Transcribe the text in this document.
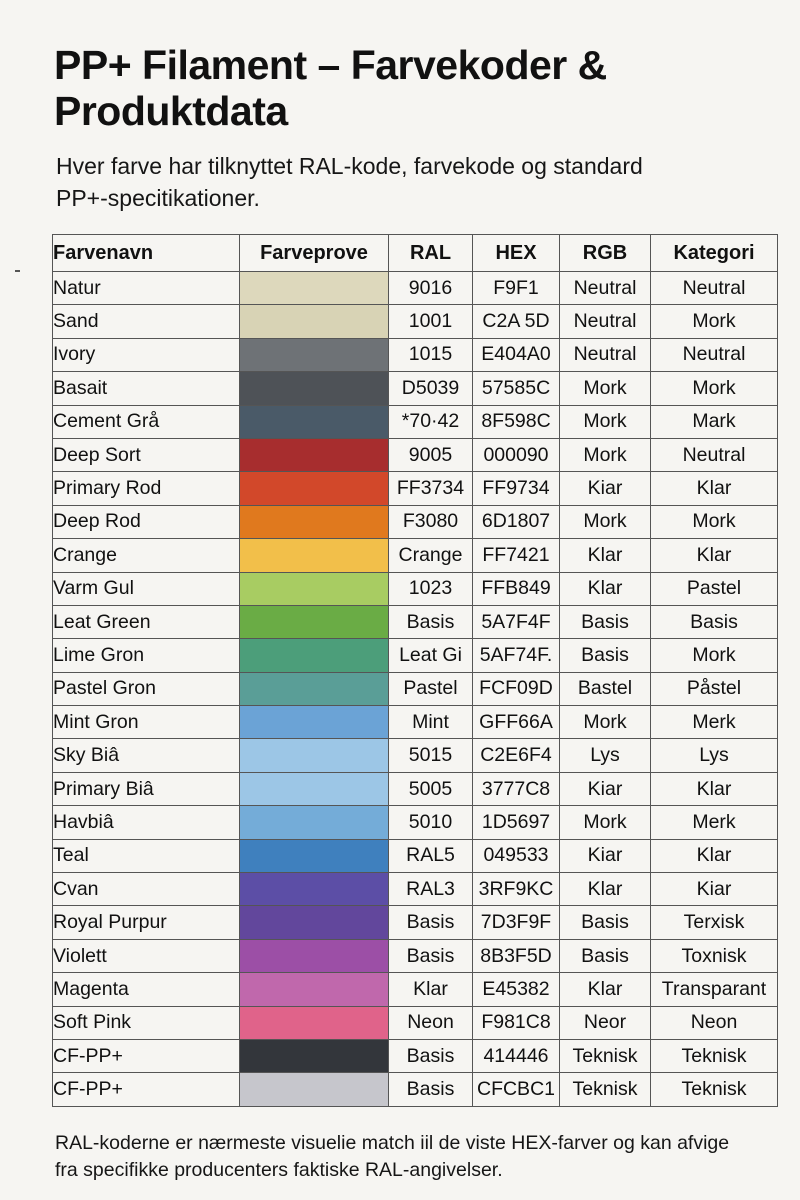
PP+ Filament – Farvekoder & Produktdata

Hver farve har tilknyttet RAL-kode, farvekode og standard PP+-specitikationer.

Farvenavn	Farveprove	RAL	HEX	RGB	Kategori
Natur		9016	F9F1	Neutral	Neutral
Sand		1001	C2A 5D	Neutral	Mork
Ivory		1015	E404A0	Neutral	Neutral
Basait		D5039	57585C	Mork	Mork
Cement Grå		*70·42	8F598C	Mork	Mark
Deep Sort		9005	000090	Mork	Neutral
Primary Rod		FF3734	FF9734	Kiar	Klar
Deep Rod		F3080	6D1807	Mork	Mork
Crange		Crange	FF7421	Klar	Klar
Varm Gul		1023	FFB849	Klar	Pastel
Leat Green		Basis	5A7F4F	Basis	Basis
Lime Gron		Leat Gi	5AF74F.	Basis	Mork
Pastel Gron		Pastel	FCF09D	Bastel	Påstel
Mint Gron		Mint	GFF66A	Mork	Merk
Sky Biâ		5015	C2E6F4	Lys	Lys
Primary Biâ		5005	3777C8	Kiar	Klar
Havbiâ		5010	1D5697	Mork	Merk
Teal		RAL5	049533	Kiar	Klar
Cvan		RAL3	3RF9KC	Klar	Kiar
Royal Purpur		Basis	7D3F9F	Basis	Terxisk
Violett		Basis	8B3F5D	Basis	Toxnisk
Magenta		Klar	E45382	Klar	Transparant
Soft Pink		Neon	F981C8	Neor	Neon
CF-PP+		Basis	414446	Teknisk	Teknisk
CF-PP+		Basis	CFCBC1	Teknisk	Teknisk

RAL-koderne er nærmeste visuelie match iil de viste HEX-farver og kan afvige fra specifikke producenters faktiske RAL-angivelser.
